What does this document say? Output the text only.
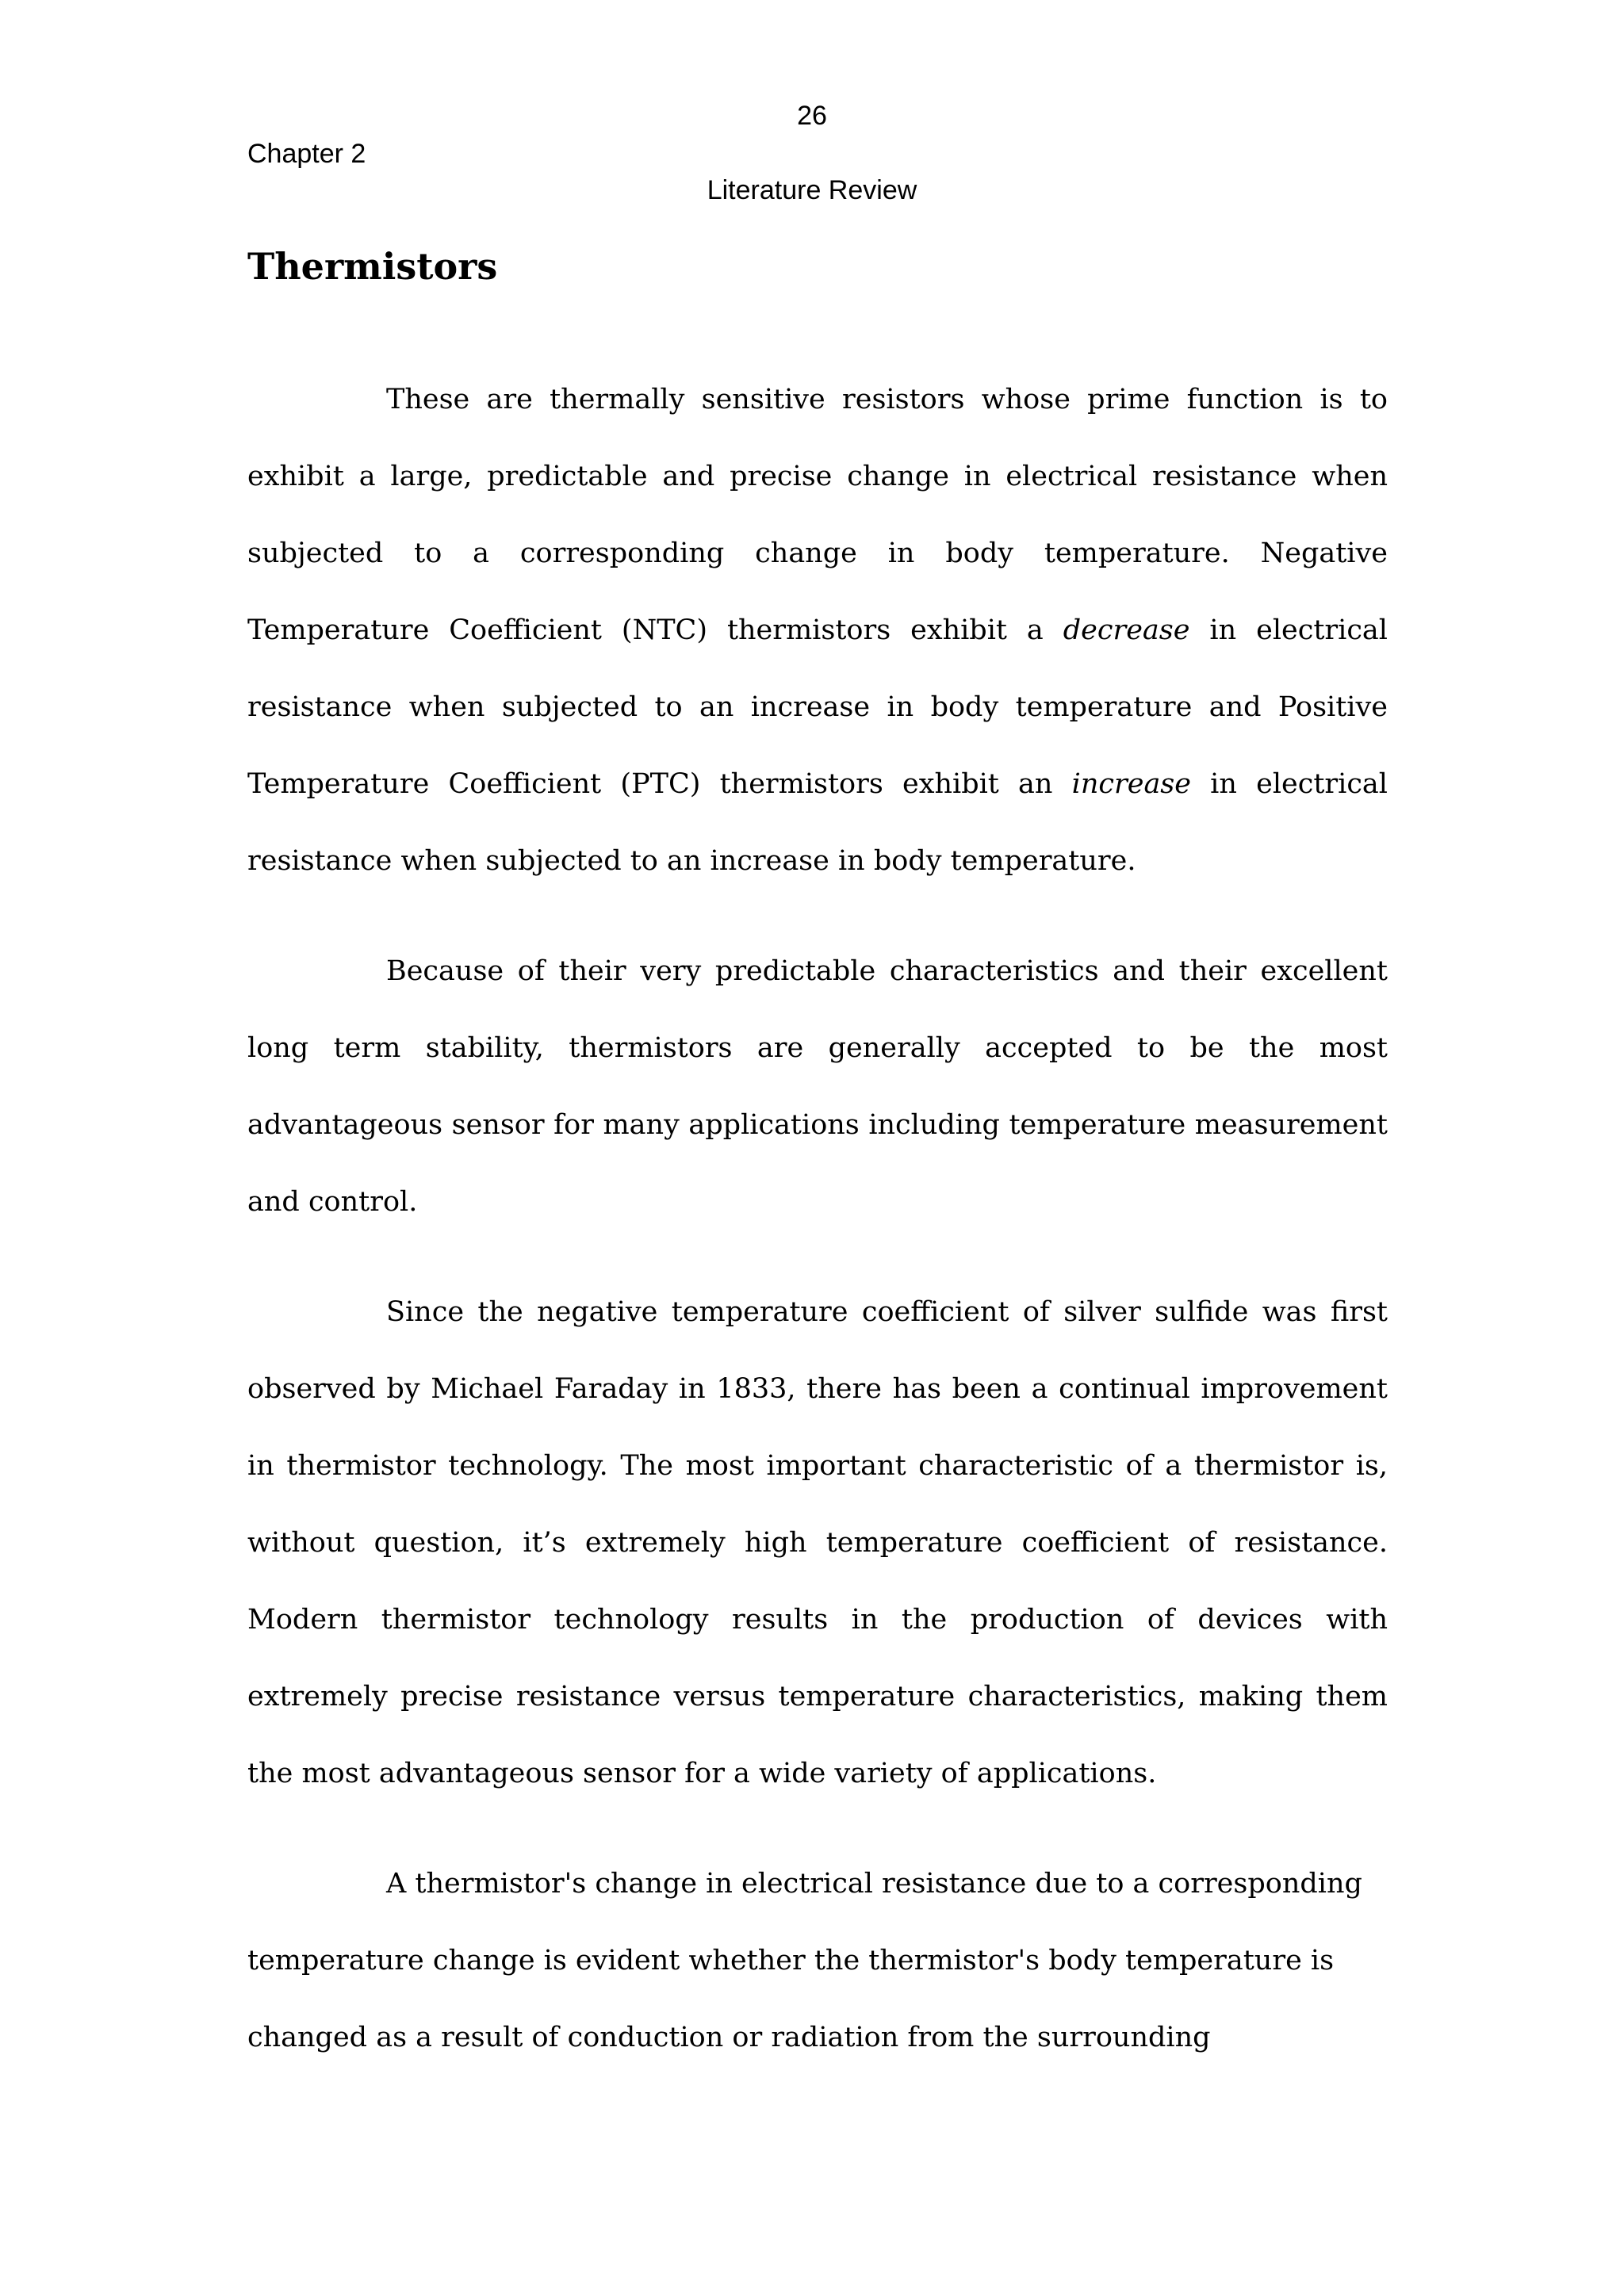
26
Chapter 2
Literature Review
Thermistors

These are thermally sensitive resistors whose prime function is to exhibit a large, predictable and precise change in electrical resistance when subjected to a corresponding change in body temperature. Negative Temperature Coefficient (NTC) thermistors exhibit a decrease in electrical resistance when subjected to an increase in body temperature and Positive Temperature Coefficient (PTC) thermistors exhibit an increase in electrical resistance when subjected to an increase in body temperature.

Because of their very predictable characteristics and their excellent long term stability, thermistors are generally accepted to be the most advantageous sensor for many applications including temperature measurement and control.

Since the negative temperature coefficient of silver sulfide was first observed by Michael Faraday in 1833, there has been a continual improvement in thermistor technology. The most important characteristic of a thermistor is, without question, it’s extremely high temperature coefficient of resistance. Modern thermistor technology results in the production of devices with extremely precise resistance versus temperature characteristics, making them the most advantageous sensor for a wide variety of applications.

A thermistor's change in electrical resistance due to a corresponding temperature change is evident whether the thermistor's body temperature is changed as a result of conduction or radiation from the surrounding
